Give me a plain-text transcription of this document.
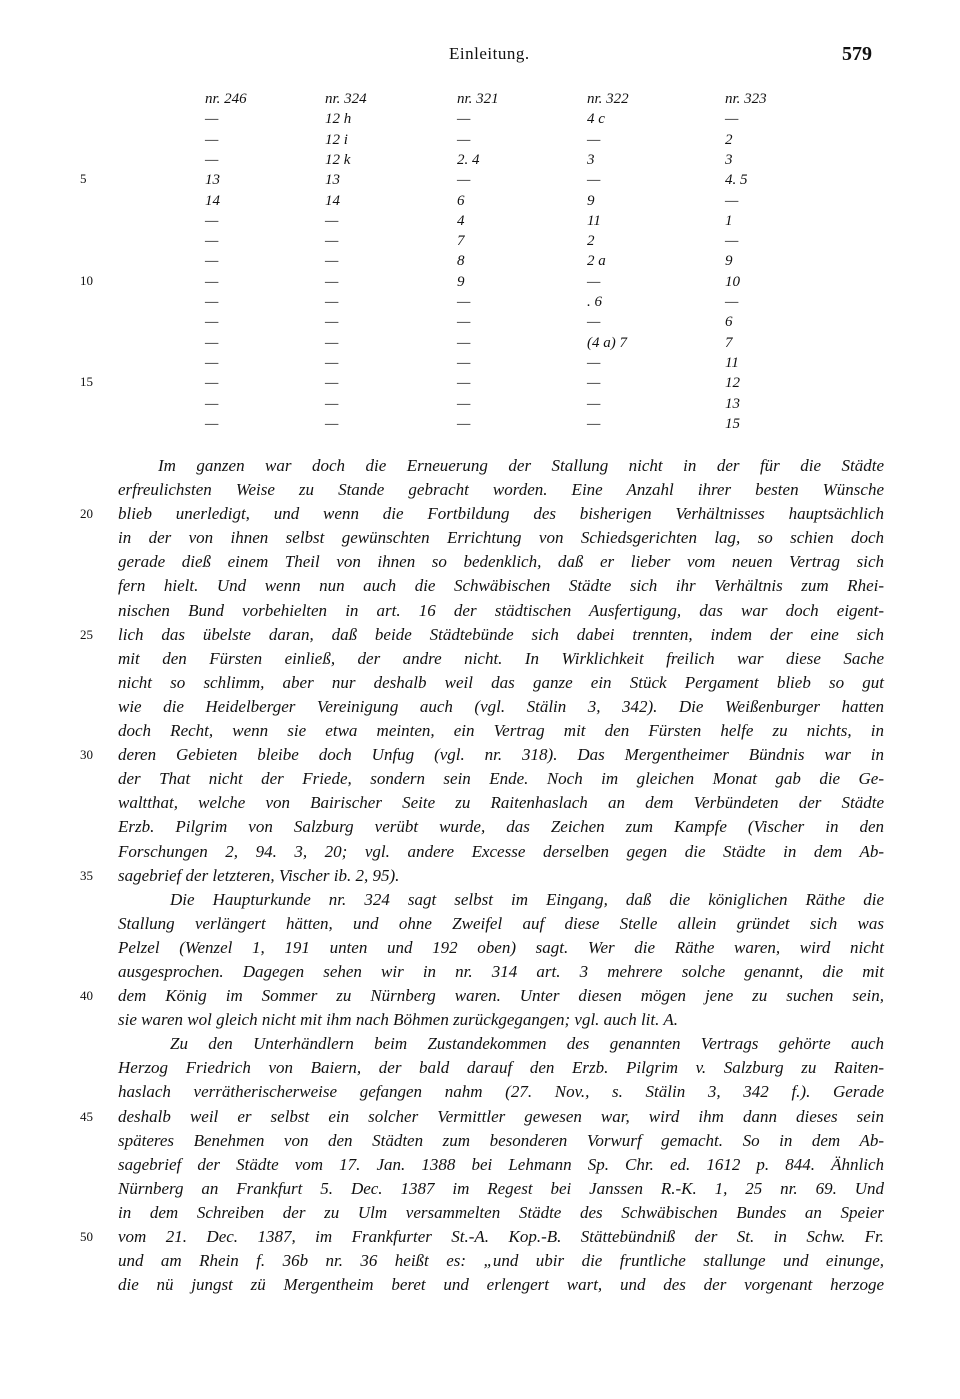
Einleitung.	579
nr. 246
—
—
—
13
14
—
—
—
—
—
—
—
—
—
—
—
nr. 324
12 h
12 i
12 k
13
14
—
—
—
—
—
—
—
—
—
—
—
nr. 321
—
—
2. 4
—
6
4
7
8
9
—
—
—
—
—
—
—
nr. 322
4 c
—
3
—
9
11
2
2 a
—
. 6
—
(4 a) 7
—
—
—
—
nr. 323
—
2
3
4. 5
—
1
—
9
10
—
6
7
11
12
13
15
5
10
15
Im ganzen war doch die Erneuerung der Stallung nicht in der für die Städte
erfreulichsten Weise zu Stande gebracht worden. Eine Anzahl ihrer besten Wünsche
blieb unerledigt, und wenn die Fortbildung des bisherigen Verhältnisses hauptsächlich
in der von ihnen selbst gewünschten Errichtung von Schiedsgerichten lag, so schien doch
gerade dieß einem Theil von ihnen so bedenklich, daß er lieber vom neuen Vertrag sich
fern hielt. Und wenn nun auch die Schwäbischen Städte sich ihr Verhältnis zum Rhei-
nischen Bund vorbehielten in art. 16 der städtischen Ausfertigung, das war doch eigent-
lich das übelste daran, daß beide Städtebünde sich dabei trennten, indem der eine sich
mit den Fürsten einließ, der andre nicht. In Wirklichkeit freilich war diese Sache
nicht so schlimm, aber nur deshalb weil das ganze ein Stück Pergament blieb so gut
wie die Heidelberger Vereinigung auch (vgl. Stälin 3, 342). Die Weißenburger hatten
doch Recht, wenn sie etwa meinten, ein Vertrag mit den Fürsten helfe zu nichts, in
deren Gebieten bleibe doch Unfug (vgl. nr. 318). Das Mergentheimer Bündnis war in
der That nicht der Friede, sondern sein Ende. Noch im gleichen Monat gab die Ge-
waltthat, welche von Bairischer Seite zu Raitenhaslach an dem Verbündeten der Städte
Erzb. Pilgrim von Salzburg verübt wurde, das Zeichen zum Kampfe (Vischer in den
Forschungen 2, 94. 3, 20; vgl. andere Excesse derselben gegen die Städte in dem Ab-
sagebrief der letzteren, Vischer ib. 2, 95).
Die Haupturkunde nr. 324 sagt selbst im Eingang, daß die königlichen Räthe die
Stallung verlängert hätten, und ohne Zweifel auf diese Stelle allein gründet sich was
Pelzel (Wenzel 1, 191 unten und 192 oben) sagt. Wer die Räthe waren, wird nicht
ausgesprochen. Dagegen sehen wir in nr. 314 art. 3 mehrere solche genannt, die mit
dem König im Sommer zu Nürnberg waren. Unter diesen mögen jene zu suchen sein,
sie waren wol gleich nicht mit ihm nach Böhmen zurückgegangen; vgl. auch lit. A.
Zu den Unterhändlern beim Zustandekommen des genannten Vertrags gehörte auch
Herzog Friedrich von Baiern, der bald darauf den Erzb. Pilgrim v. Salzburg zu Raiten-
haslach verrätherischerweise gefangen nahm (27. Nov., s. Stälin 3, 342 f.). Gerade
deshalb weil er selbst ein solcher Vermittler gewesen war, wird ihm dann dieses sein
späteres Benehmen von den Städten zum besonderen Vorwurf gemacht. So in dem Ab-
sagebrief der Städte vom 17. Jan. 1388 bei Lehmann Sp. Chr. ed. 1612 p. 844. Ähnlich
Nürnberg an Frankfurt 5. Dec. 1387 im Regest bei Janssen R.-K. 1, 25 nr. 69. Und
in dem Schreiben der zu Ulm versammelten Städte des Schwäbischen Bundes an Speier
vom 21. Dec. 1387, im Frankfurter St.-A. Kop.-B. Stättebündniß der St. in Schw. Fr.
und am Rhein f. 36b nr. 36 heißt es: „und ubir die fruntliche stallunge und einunge,
die nü jungst zü Mergentheim beret und erlengert wart, und des der vorgenant herzoge
20
25
30
35
40
45
50
